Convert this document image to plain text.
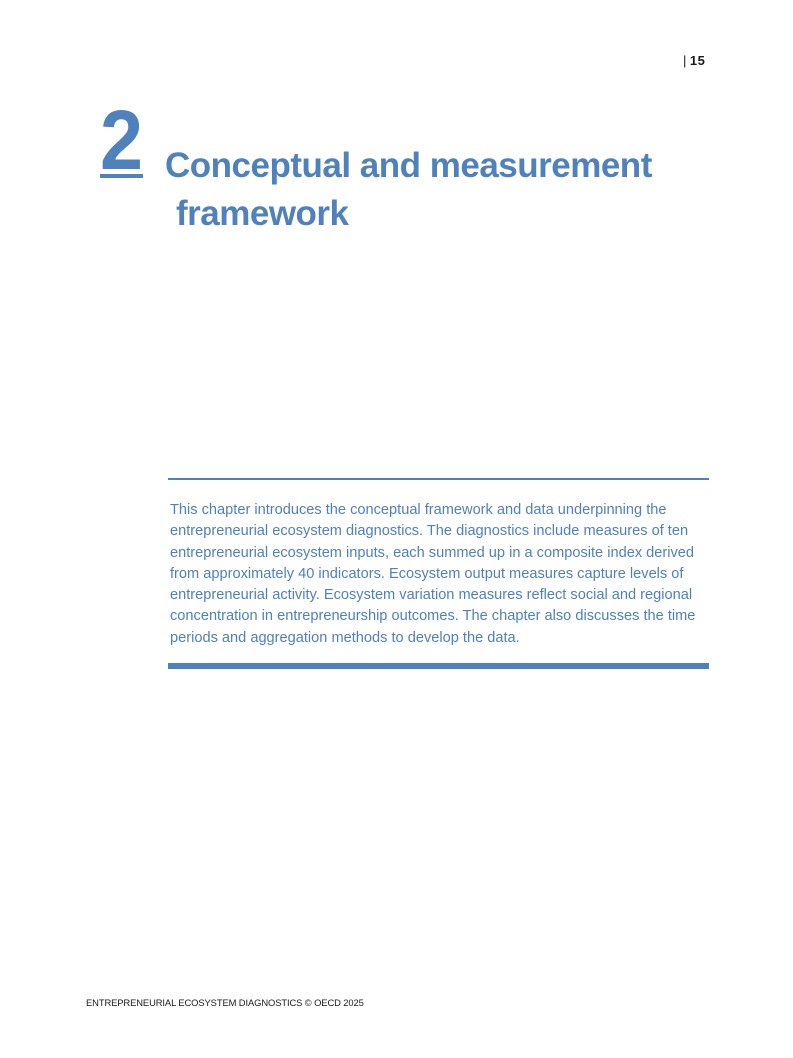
| 15
2 Conceptual and measurement
framework
This chapter introduces the conceptual framework and data underpinning the entrepreneurial ecosystem diagnostics. The diagnostics include measures of ten entrepreneurial ecosystem inputs, each summed up in a composite index derived from approximately 40 indicators. Ecosystem output measures capture levels of entrepreneurial activity. Ecosystem variation measures reflect social and regional concentration in entrepreneurship outcomes. The chapter also discusses the time periods and aggregation methods to develop the data.
ENTREPRENEURIAL ECOSYSTEM DIAGNOSTICS © OECD 2025
